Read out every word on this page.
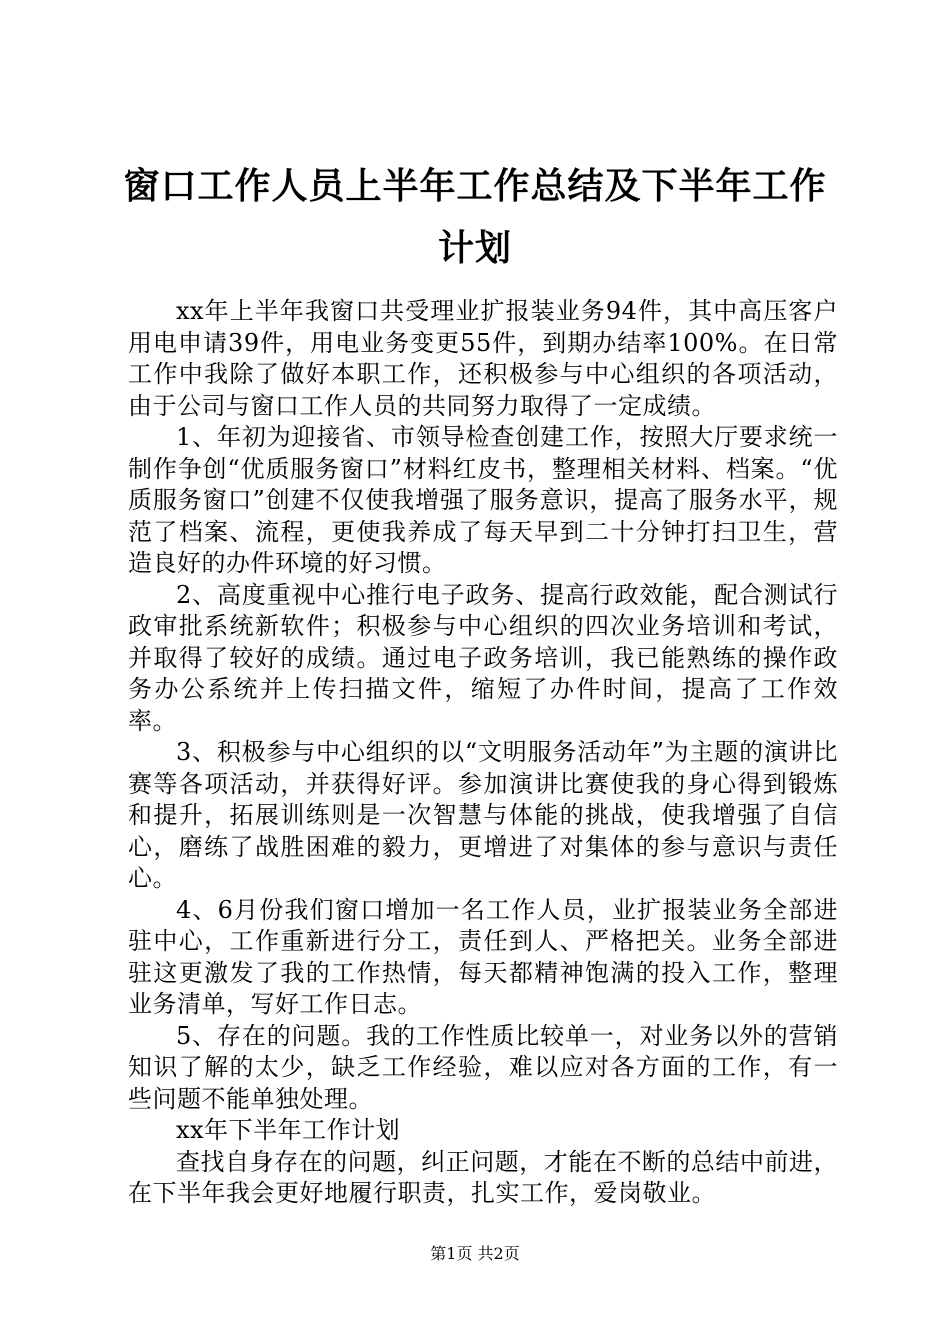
窗口工作人员上半年工作总结及下半年工作计划

xx年上半年我窗口共受理业扩报装业务94件，其中高压客户用电申请39件，用电业务变更55件，到期办结率100%。在日常工作中我除了做好本职工作，还积极参与中心组织的各项活动，由于公司与窗口工作人员的共同努力取得了一定成绩。

1、年初为迎接省、市领导检查创建工作，按照大厅要求统一制作争创“优质服务窗口”材料红皮书，整理相关材料、档案。“优质服务窗口”创建不仅使我增强了服务意识，提高了服务水平，规范了档案、流程，更使我养成了每天早到二十分钟打扫卫生，营造良好的办件环境的好习惯。

2、高度重视中心推行电子政务、提高行政效能，配合测试行政审批系统新软件；积极参与中心组织的四次业务培训和考试，并取得了较好的成绩。通过电子政务培训，我已能熟练的操作政务办公系统并上传扫描文件，缩短了办件时间，提高了工作效率。

3、积极参与中心组织的以“文明服务活动年”为主题的演讲比赛等各项活动，并获得好评。参加演讲比赛使我的身心得到锻炼和提升，拓展训练则是一次智慧与体能的挑战，使我增强了自信心，磨练了战胜困难的毅力，更增进了对集体的参与意识与责任心。

4、6月份我们窗口增加一名工作人员，业扩报装业务全部进驻中心，工作重新进行分工，责任到人、严格把关。业务全部进驻这更激发了我的工作热情，每天都精神饱满的投入工作，整理业务清单，写好工作日志。

5、存在的问题。我的工作性质比较单一，对业务以外的营销知识了解的太少，缺乏工作经验，难以应对各方面的工作，有一些问题不能单独处理。

xx年下半年工作计划

查找自身存在的问题，纠正问题，才能在不断的总结中前进，在下半年我会更好地履行职责，扎实工作，爱岗敬业。

第1页 共2页
